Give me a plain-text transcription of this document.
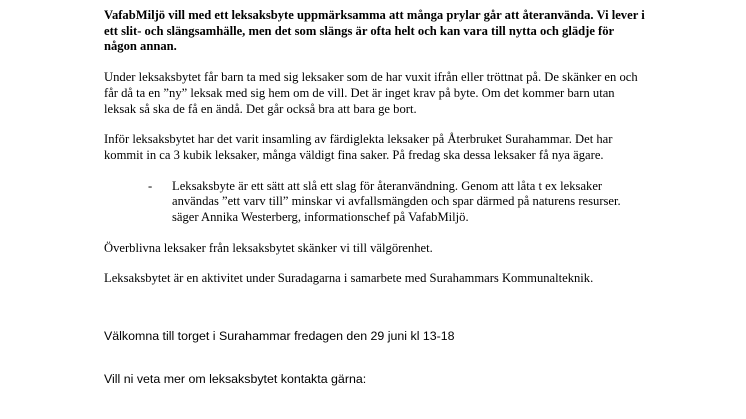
VafabMiljö vill med ett leksaksbyte uppmärksamma att många prylar går att återanvända. Vi lever i ett slit- och slängsamhälle, men det som slängs är ofta helt och kan vara till nytta och glädje för någon annan.

Under leksaksbytet får barn ta med sig leksaker som de har vuxit ifrån eller tröttnat på. De skänker en och får då ta en ”ny” leksak med sig hem om de vill. Det är inget krav på byte. Om det kommer barn utan leksak så ska de få en ändå. Det går också bra att bara ge bort.

Inför leksaksbytet har det varit insamling av färdiglekta leksaker på Återbruket Surahammar. Det har kommit in ca 3 kubik leksaker, många väldigt fina saker. På fredag ska dessa leksaker få nya ägare.

-	Leksaksbyte är ett sätt att slå ett slag för återanvändning. Genom att låta t ex leksaker användas ”ett varv till” minskar vi avfallsmängden och spar därmed på naturens resurser. säger Annika Westerberg, informationschef på VafabMiljö.

Överblivna leksaker från leksaksbytet skänker vi till välgörenhet.

Leksaksbytet är en aktivitet under Suradagarna i samarbete med Surahammars Kommunalteknik.

Välkomna till torget i Surahammar fredagen den 29 juni kl 13-18

Vill ni veta mer om leksaksbytet kontakta gärna:
